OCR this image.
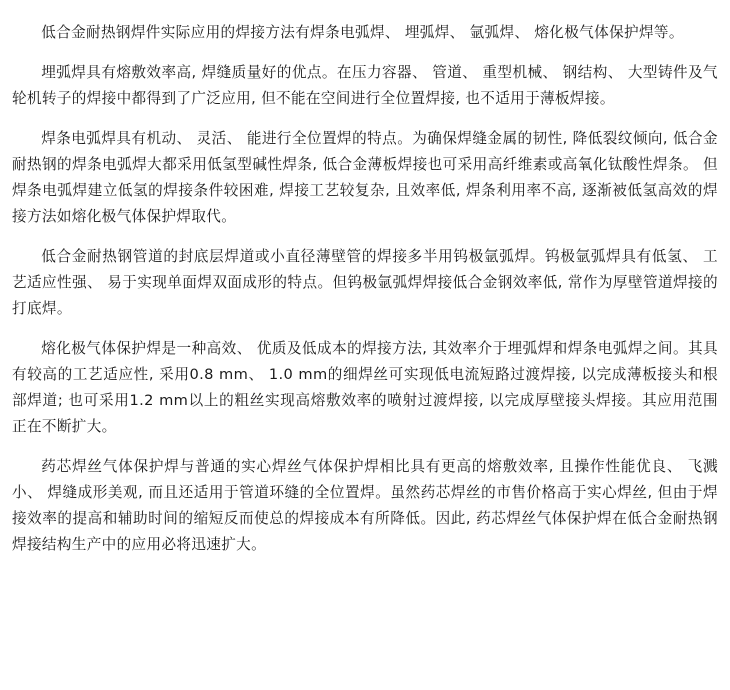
低合金耐热钢焊件实际应用的焊接方法有焊条电弧焊、 埋弧焊、 氩弧焊、 熔化极气体保护焊等。

埋弧焊具有熔敷效率高, 焊缝质量好的优点。在压力容器、 管道、 重型机械、 钢结构、 大型铸件及气轮机转子的焊接中都得到了广泛应用, 但不能在空间进行全位置焊接, 也不适用于薄板焊接。

焊条电弧焊具有机动、 灵活、 能进行全位置焊的特点。为确保焊缝金属的韧性, 降低裂纹倾向, 低合金耐热钢的焊条电弧焊大都采用低氢型碱性焊条, 低合金薄板焊接也可采用高纤维素或高氧化钛酸性焊条。 但焊条电弧焊建立低氢的焊接条件较困难, 焊接工艺较复杂, 且效率低, 焊条利用率不高, 逐渐被低氢高效的焊接方法如熔化极气体保护焊取代。

低合金耐热钢管道的封底层焊道或小直径薄壁管的焊接多半用钨极氩弧焊。钨极氩弧焊具有低氢、 工艺适应性强、 易于实现单面焊双面成形的特点。但钨极氩弧焊焊接低合金钢效率低, 常作为厚壁管道焊接的打底焊。

熔化极气体保护焊是一种高效、 优质及低成本的焊接方法, 其效率介于埋弧焊和焊条电弧焊之间。其具有较高的工艺适应性, 采用0.8 mm、 1.0 mm的细焊丝可实现低电流短路过渡焊接, 以完成薄板接头和根部焊道; 也可采用1.2 mm以上的粗丝实现高熔敷效率的喷射过渡焊接, 以完成厚壁接头焊接。其应用范围正在不断扩大。

药芯焊丝气体保护焊与普通的实心焊丝气体保护焊相比具有更高的熔敷效率, 且操作性能优良、 飞溅小、 焊缝成形美观, 而且还适用于管道环缝的全位置焊。虽然药芯焊丝的市售价格高于实心焊丝, 但由于焊接效率的提高和辅助时间的缩短反而使总的焊接成本有所降低。因此, 药芯焊丝气体保护焊在低合金耐热钢焊接结构生产中的应用必将迅速扩大。
